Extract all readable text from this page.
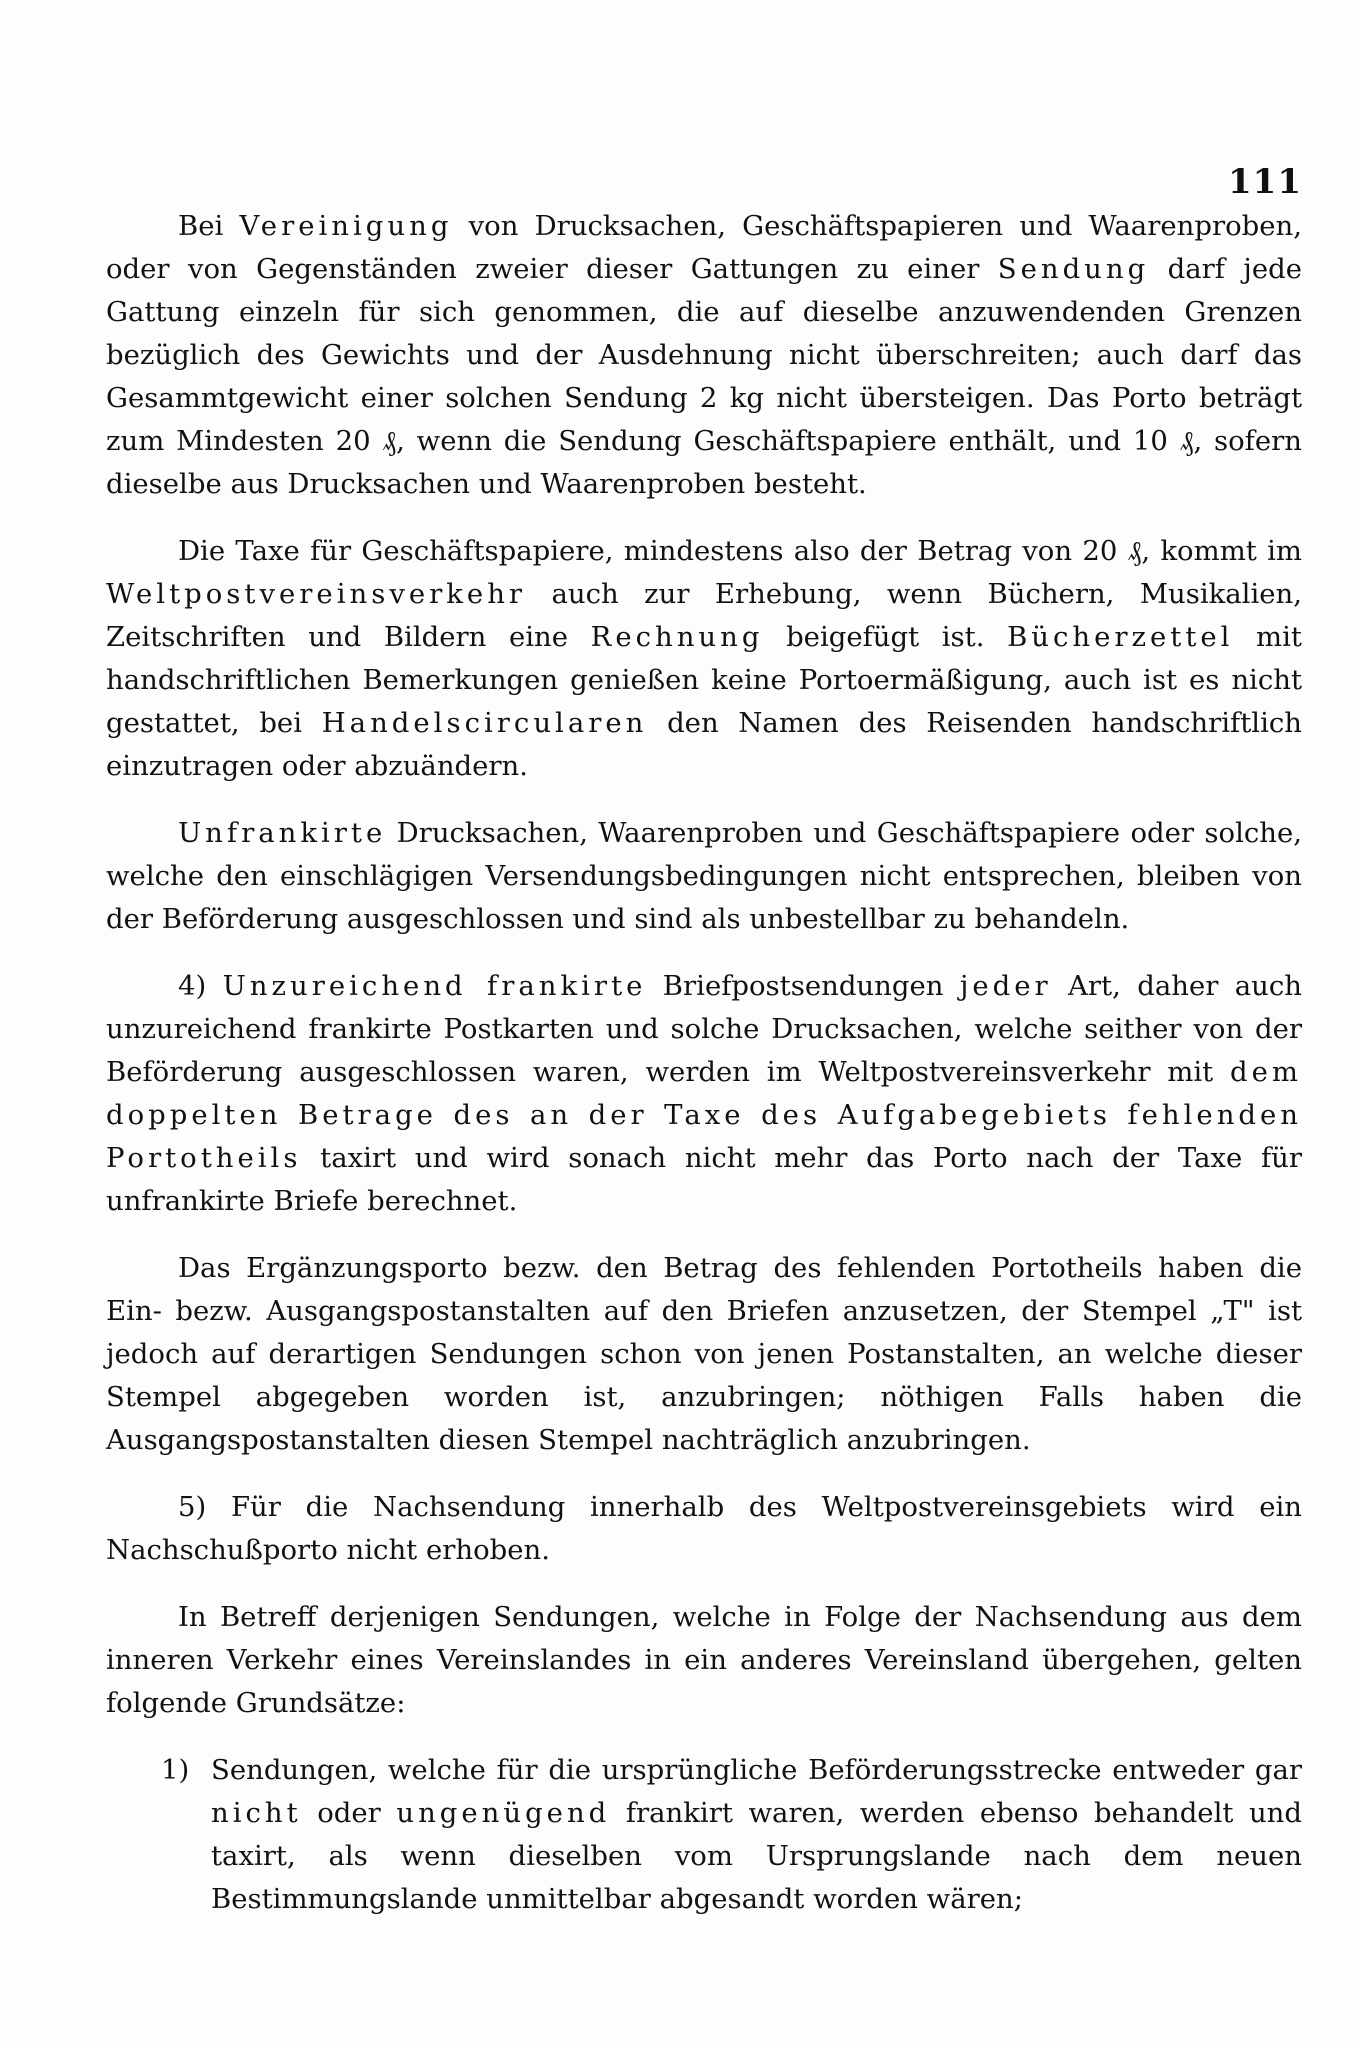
111

Bei Vereinigung von Drucksachen, Geschäftspapieren und Waarenproben, oder von Gegenständen zweier dieser Gattungen zu einer Sendung darf jede Gattung einzeln für sich genommen, die auf dieselbe anzuwendenden Grenzen bezüglich des Gewichts und der Ausdehnung nicht überschreiten; auch darf das Gesammtgewicht einer solchen Sendung 2 kg nicht übersteigen. Das Porto beträgt zum Mindesten 20 ₰, wenn die Sendung Geschäftspapiere enthält, und 10 ₰, sofern dieselbe aus Drucksachen und Waarenproben besteht.

Die Taxe für Geschäftspapiere, mindestens also der Betrag von 20 ₰, kommt im Weltpostvereinsverkehr auch zur Erhebung, wenn Büchern, Musikalien, Zeitschriften und Bildern eine Rechnung beigefügt ist. Bücherzettel mit handschriftlichen Bemerkungen genießen keine Portoermäßigung, auch ist es nicht gestattet, bei Handelscircularen den Namen des Reisenden handschriftlich einzutragen oder abzuändern.

Unfrankirte Drucksachen, Waarenproben und Geschäftspapiere oder solche, welche den einschlägigen Versendungsbedingungen nicht entsprechen, bleiben von der Beförderung ausgeschlossen und sind als unbestellbar zu behandeln.

4) Unzureichend frankirte Briefpostsendungen jeder Art, daher auch unzureichend frankirte Postkarten und solche Drucksachen, welche seither von der Beförderung ausgeschlossen waren, werden im Weltpostvereinsverkehr mit dem doppelten Betrage des an der Taxe des Aufgabegebiets fehlenden Portotheils taxirt und wird sonach nicht mehr das Porto nach der Taxe für unfrankirte Briefe berechnet.

Das Ergänzungsporto bezw. den Betrag des fehlenden Portotheils haben die Ein- bezw. Ausgangspostanstalten auf den Briefen anzusetzen, der Stempel „T" ist jedoch auf derartigen Sendungen schon von jenen Postanstalten, an welche dieser Stempel abgegeben worden ist, anzubringen; nöthigen Falls haben die Ausgangspostanstalten diesen Stempel nachträglich anzubringen.

5) Für die Nachsendung innerhalb des Weltpostvereinsgebiets wird ein Nachschußporto nicht erhoben.

In Betreff derjenigen Sendungen, welche in Folge der Nachsendung aus dem inneren Verkehr eines Vereinslandes in ein anderes Vereinsland übergehen, gelten folgende Grundsätze:

1) Sendungen, welche für die ursprüngliche Beförderungsstrecke entweder gar nicht oder ungenügend frankirt waren, werden ebenso behandelt und taxirt, als wenn dieselben vom Ursprungslande nach dem neuen Bestimmungslande unmittelbar abgesandt worden wären;
